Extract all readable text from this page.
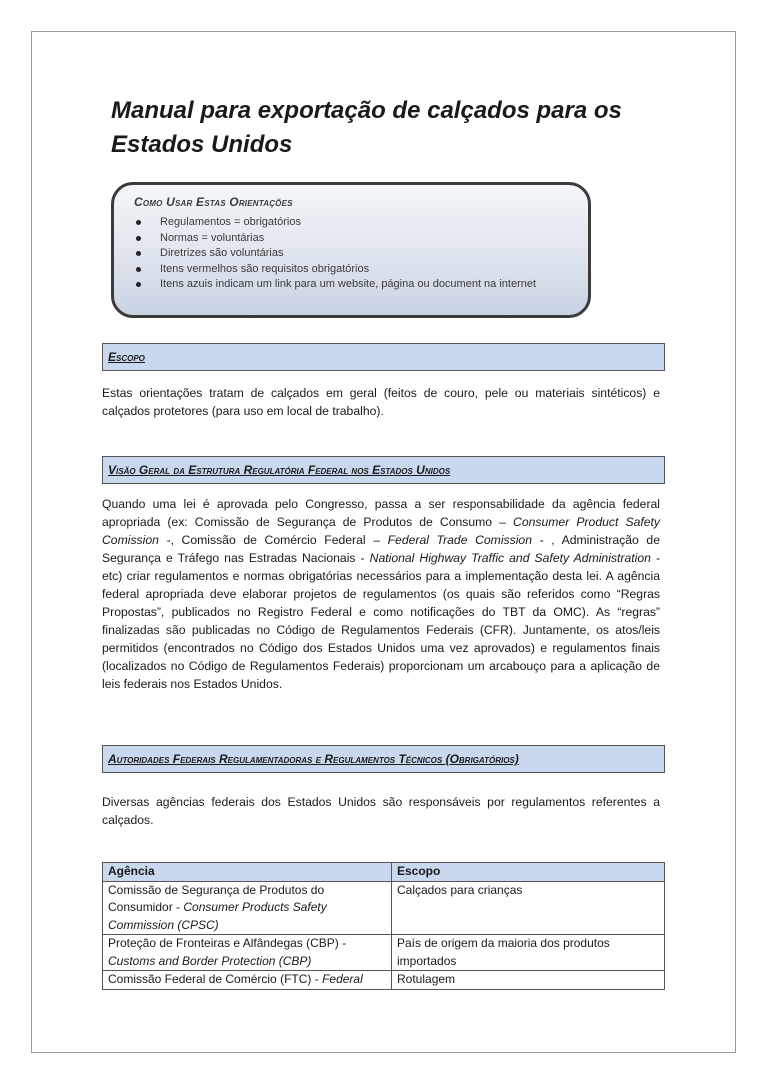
Manual para exportação de calçados para os
Estados Unidos
Como Usar Estas Orientações
Regulamentos = obrigatórios
Normas = voluntárias
Diretrizes são voluntárias
Itens vermelhos são requisitos obrigatórios
Itens azuis indicam um link para um website, página ou document na internet
Escopo

Estas orientações tratam de calçados em geral (feitos de couro, pele ou materiais sintéticos) e calçados protetores (para uso em local de trabalho).

Visão Geral da Estrutura Regulatória Federal nos Estados Unidos

Quando uma lei é aprovada pelo Congresso, passa a ser responsabilidade da agência federal apropriada (ex: Comissão de Segurança de Produtos de Consumo – Consumer Product Safety Comission -, Comissão de Comércio Federal – Federal Trade Comission - , Administração de Segurança e Tráfego nas Estradas Nacionais - National Highway Traffic and Safety Administration - etc) criar regulamentos e normas obrigatórias necessários para a implementação desta lei. A agência federal apropriada deve elaborar projetos de regulamentos (os quais são referidos como “Regras Propostas”, publicados no Registro Federal e como notificações do TBT da OMC). As “regras” finalizadas são publicadas no Código de Regulamentos Federais (CFR). Juntamente, os atos/leis permitidos (encontrados no Código dos Estados Unidos uma vez aprovados) e regulamentos finais (localizados no Código de Regulamentos Federais) proporcionam um arcabouço para a aplicação de leis federais nos Estados Unidos.

Autoridades Federais Regulamentadoras e Regulamentos Técnicos (Obrigatórios)

Diversas agências federais dos Estados Unidos são responsáveis por regulamentos referentes a calçados.

Agência	Escopo
Comissão de Segurança de Produtos do Consumidor - Consumer Products Safety Commission (CPSC)	Calçados para crianças
Proteção de Fronteiras e Alfândegas (CBP) - Customs and Border Protection (CBP)	País de origem da maioria dos produtos importados
Comissão Federal de Comércio (FTC) - Federal	Rotulagem
